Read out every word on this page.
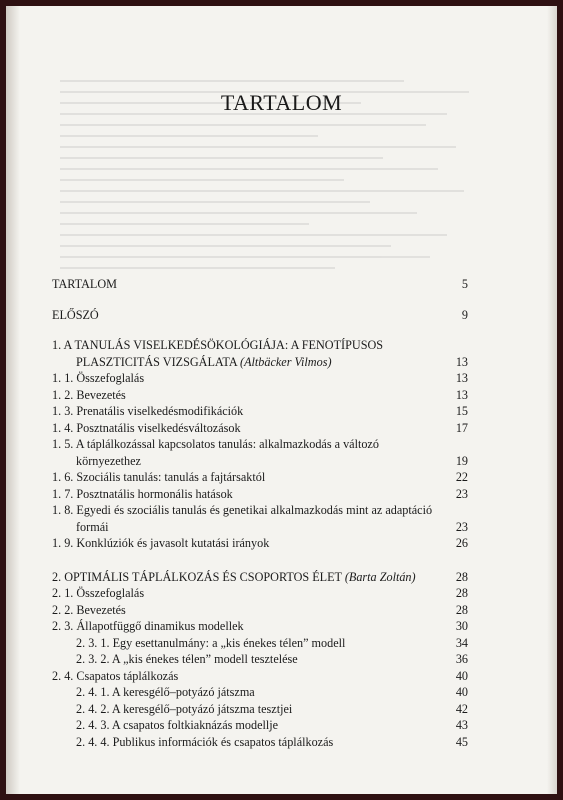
TARTALOM
TARTALOM	5
ELŐSZÓ	9
1. A TANULÁS VISELKEDÉSÖKOLÓGIÁJA: A FENOTÍPUSOS
PLASZTICITÁS VIZSGÁLATA (Altbäcker Vilmos)	13
1. 1. Összefoglalás	13
1. 2. Bevezetés	13
1. 3. Prenatális viselkedésmodifikációk	15
1. 4. Posztnatális viselkedésváltozások	17
1. 5. A táplálkozással kapcsolatos tanulás: alkalmazkodás a változó környezethez	19
1. 6. Szociális tanulás: tanulás a fajtársaktól	22
1. 7. Posztnatális hormonális hatások	23
1. 8. Egyedi és szociális tanulás és genetikai alkalmazkodás mint az adaptáció formái	23
1. 9. Konklúziók és javasolt kutatási irányok	26
2. OPTIMÁLIS TÁPLÁLKOZÁS ÉS CSOPORTOS ÉLET (Barta Zoltán)	28
2. 1. Összefoglalás	28
2. 2. Bevezetés	28
2. 3. Állapotfüggő dinamikus modellek	30
2. 3. 1. Egy esettanulmány: a „kis énekes télen” modell	34
2. 3. 2. A „kis énekes télen” modell tesztelése	36
2. 4. Csapatos táplálkozás	40
2. 4. 1. A keresgélő–potyázó játszma	40
2. 4. 2. A keresgélő–potyázó játszma tesztjei	42
2. 4. 3. A csapatos foltkiaknázás modellje	43
2. 4. 4. Publikus információk és csapatos táplálkozás	45
